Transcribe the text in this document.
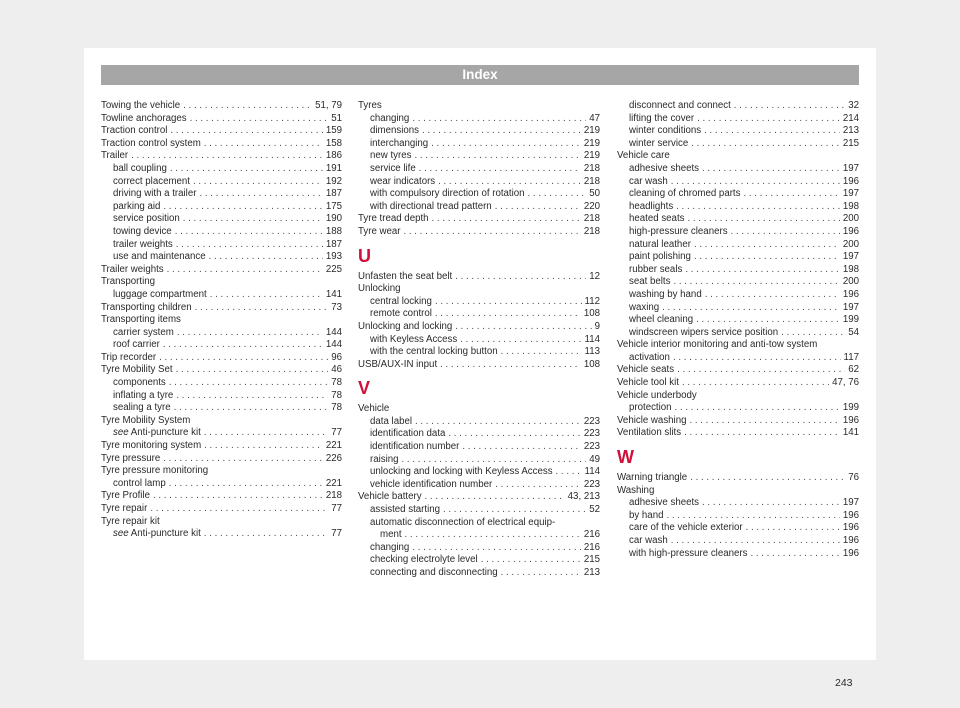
Index
Towing the vehicle . . .	51, 79
Towline anchorages . . .	51
Traction control . . .	159
Traction control system . . .	158
Trailer . . .	186
ball coupling . . .	191
correct placement . . .	192
driving with a trailer . . .	187
parking aid . . .	175
service position . . .	190
towing device . . .	188
trailer weights . . .	187
use and maintenance . . .	193
Trailer weights . . .	225
Transporting
luggage compartment . . .	141
Transporting children . . .	73
Transporting items
carrier system . . .	144
roof carrier . . .	144
Trip recorder . . .	96
Tyre Mobility Set . . .	46
components . . .	78
inflating a tyre . . .	78
sealing a tyre . . .	78
Tyre Mobility System
see Anti-puncture kit . . .	77
Tyre monitoring system . . .	221
Tyre pressure . . .	226
Tyre pressure monitoring
control lamp . . .	221
Tyre Profile . . .	218
Tyre repair . . .	77
Tyre repair kit
see Anti-puncture kit . . .	77
Tyres
changing . . .	47
dimensions . . .	219
interchanging . . .	219
new tyres . . .	219
service life . . .	218
wear indicators . . .	218
with compulsory direction of rotation . . .	50
with directional tread pattern . . .	220
Tyre tread depth . . .	218
Tyre wear . . .	218
U
Unfasten the seat belt . . .	12
Unlocking
central locking . . .	112
remote control . . .	108
Unlocking and locking . . .	9
with Keyless Access . . .	114
with the central locking button . . .	113
USB/AUX-IN input . . .	108
V
Vehicle
data label . . .	223
identification data . . .	223
identification number . . .	223
raising . . .	49
unlocking and locking with Keyless Access . . .	114
vehicle identification number . . .	223
Vehicle battery . . .	43, 213
assisted starting . . .	52
automatic disconnection of electrical equip-
ment . . .	216
changing . . .	216
checking electrolyte level . . .	215
connecting and disconnecting . . .	213
disconnect and connect . . .	32
lifting the cover . . .	214
winter conditions . . .	213
winter service . . .	215
Vehicle care
adhesive sheets . . .	197
car wash . . .	196
cleaning of chromed parts . . .	197
headlights . . .	198
heated seats . . .	200
high-pressure cleaners . . .	196
natural leather . . .	200
paint polishing . . .	197
rubber seals . . .	198
seat belts . . .	200
washing by hand . . .	196
waxing . . .	197
wheel cleaning . . .	199
windscreen wipers service position . . .	54
Vehicle interior monitoring and anti-tow system
activation . . .	117
Vehicle seats . . .	62
Vehicle tool kit . . .	47, 76
Vehicle underbody
protection . . .	199
Vehicle washing . . .	196
Ventilation slits . . .	141
W
Warning triangle . . .	76
Washing
adhesive sheets . . .	197
by hand . . .	196
care of the vehicle exterior . . .	196
car wash . . .	196
with high-pressure cleaners . . .	196
243
